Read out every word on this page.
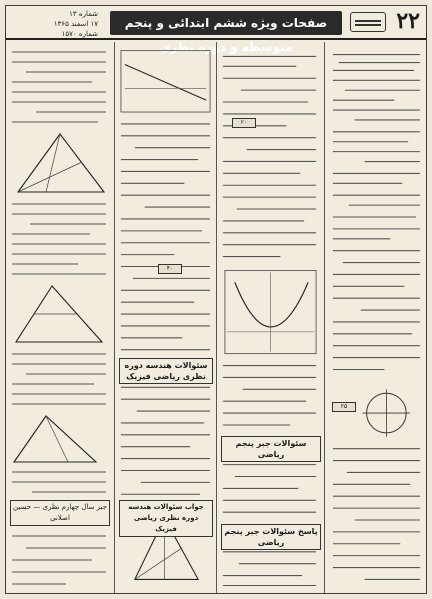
۲۲
صفحات ویژه ششم ابتدائی و پنجم متوسطه و دوره نظری
شماره ۱۳
۱۷ اسفند ۱۳۶۵
شماره ۱۵۷۰
سئوالات جبر پنجم ریاضی
پاسخ سئوالات جبر پنجم ریاضی
سئوالات هندسه دوره نظری ریاضی فیزیک
جواب سئوالات هندسه دوره نظری ریاضی فیزیک
جبر سال چهارم نظری — حسین اصلانی
۲۵
۴۰
۲۰
